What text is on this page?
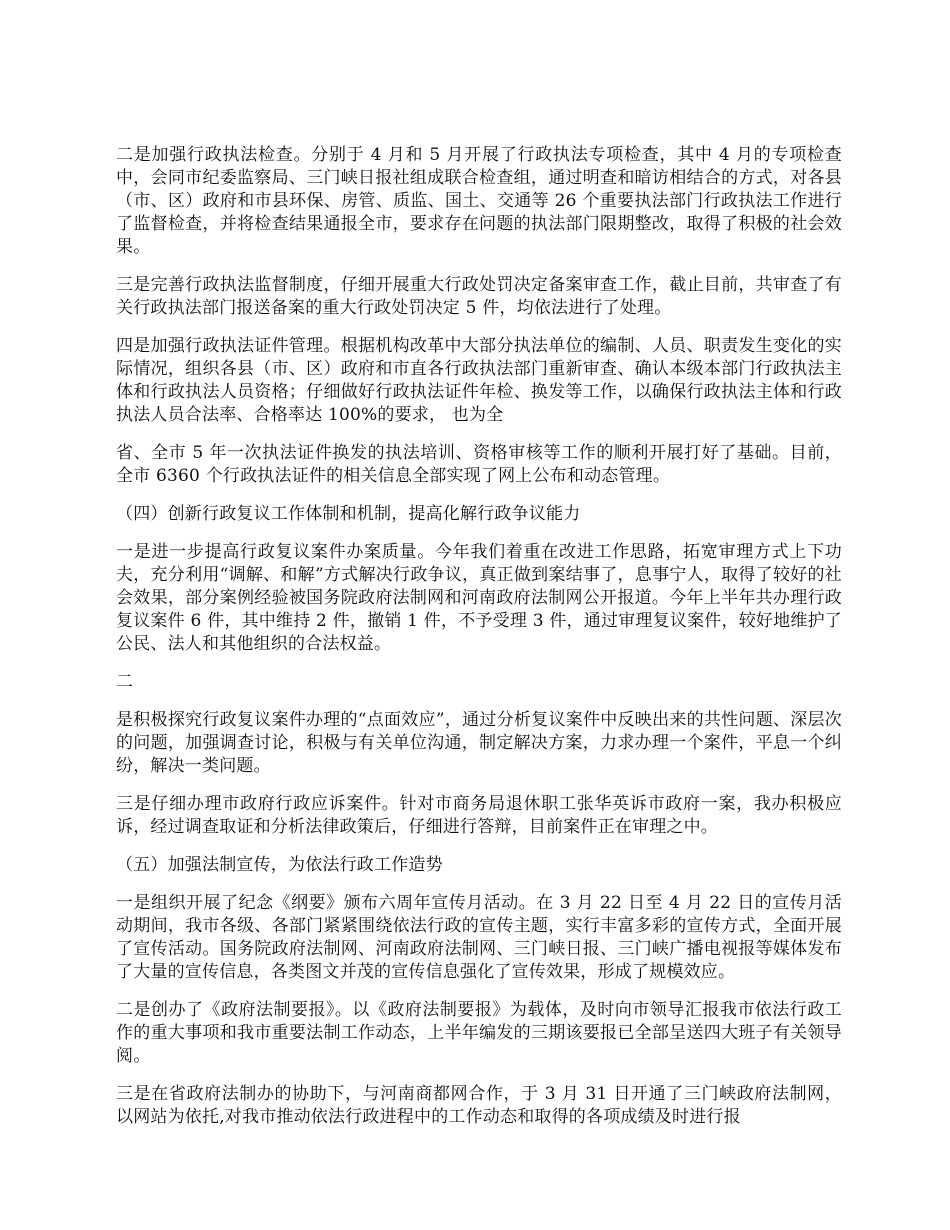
二是加强行政执法检查。分别于 4 月和 5 月开展了行政执法专项检查，其中 4 月的专项检查中，会同市纪委监察局、三门峡日报社组成联合检查组，通过明查和暗访相结合的方式，对各县（市、区）政府和市县环保、房管、质监、国土、交通等 26 个重要执法部门行政执法工作进行了监督检查，并将检查结果通报全市，要求存在问题的执法部门限期整改，取得了积极的社会效果。

三是完善行政执法监督制度，仔细开展重大行政处罚决定备案审查工作，截止目前，共审查了有关行政执法部门报送备案的重大行政处罚决定 5 件，均依法进行了处理。

四是加强行政执法证件管理。根据机构改革中大部分执法单位的编制、人员、职责发生变化的实际情况，组织各县（市、区）政府和市直各行政执法部门重新审查、确认本级本部门行政执法主体和行政执法人员资格；仔细做好行政执法证件年检、换发等工作，以确保行政执法主体和行政执法人员合法率、合格率达 100%的要求， 也为全

省、全市 5 年一次执法证件换发的执法培训、资格审核等工作的顺利开展打好了基础。目前，全市 6360 个行政执法证件的相关信息全部实现了网上公布和动态管理。

（四）创新行政复议工作体制和机制，提高化解行政争议能力

一是进一步提高行政复议案件办案质量。今年我们着重在改进工作思路，拓宽审理方式上下功夫，充分利用“调解、和解”方式解决行政争议，真正做到案结事了，息事宁人，取得了较好的社会效果，部分案例经验被国务院政府法制网和河南政府法制网公开报道。今年上半年共办理行政复议案件 6 件，其中维持 2 件，撤销 1 件，不予受理 3 件，通过审理复议案件，较好地维护了公民、法人和其他组织的合法权益。

二

是积极探究行政复议案件办理的“点面效应”，通过分析复议案件中反映出来的共性问题、深层次的问题，加强调查讨论，积极与有关单位沟通，制定解决方案，力求办理一个案件，平息一个纠纷，解决一类问题。

三是仔细办理市政府行政应诉案件。针对市商务局退休职工张华英诉市政府一案，我办积极应诉，经过调查取证和分析法律政策后，仔细进行答辩，目前案件正在审理之中。

（五）加强法制宣传，为依法行政工作造势

一是组织开展了纪念《纲要》颁布六周年宣传月活动。在 3 月 22 日至 4 月 22 日的宣传月活动期间，我市各级、各部门紧紧围绕依法行政的宣传主题，实行丰富多彩的宣传方式，全面开展了宣传活动。国务院政府法制网、河南政府法制网、三门峡日报、三门峡广播电视报等媒体发布了大量的宣传信息，各类图文并茂的宣传信息强化了宣传效果，形成了规模效应。

二是创办了《政府法制要报》。以《政府法制要报》为载体，及时向市领导汇报我市依法行政工作的重大事项和我市重要法制工作动态，上半年编发的三期该要报已全部呈送四大班子有关领导阅。

三是在省政府法制办的协助下，与河南商都网合作，于 3 月 31 日开通了三门峡政府法制网，以网站为依托,对我市推动依法行政进程中的工作动态和取得的各项成绩及时进行报
